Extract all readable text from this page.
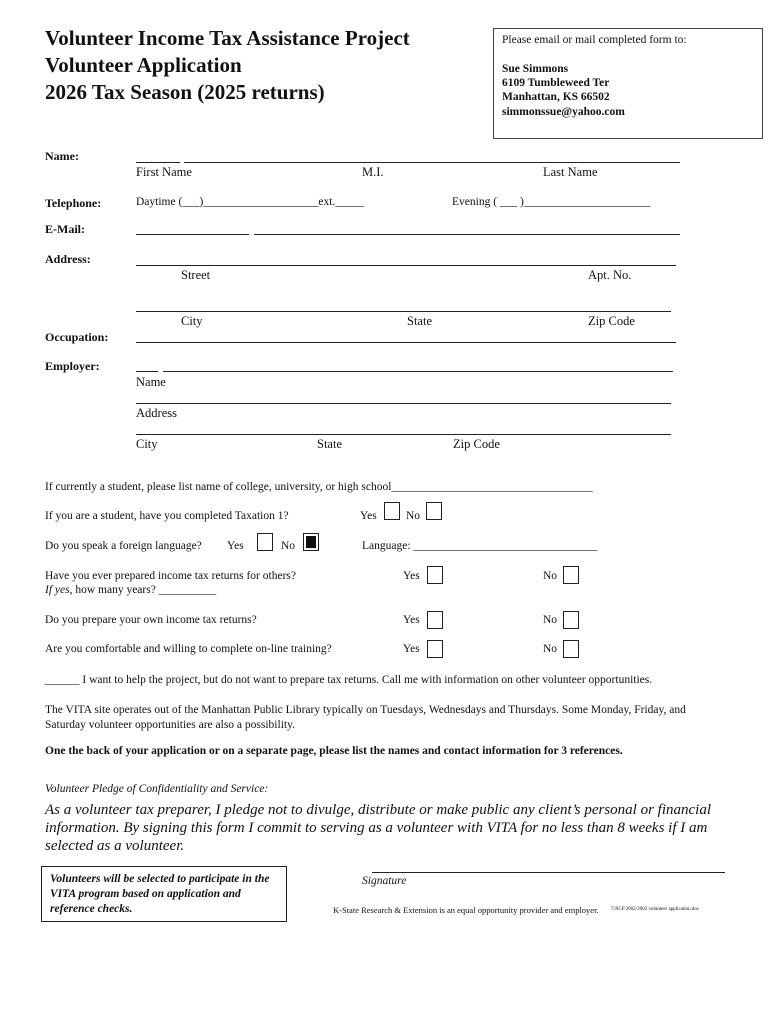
Volunteer Income Tax Assistance Project
Volunteer Application
2026 Tax Season (2025 returns)
Please email or mail completed form to:
Sue Simmons
6109 Tumbleweed Ter
Manhattan, KS 66502
simmonssue@yahoo.com
Name:
First Name	M.I.	Last Name
Telephone:	Daytime (___)____________________ext._____	Evening ( ___ )______________________
E-Mail:
Address:
Street	Apt. No.
City	State	Zip Code
Occupation:
Employer:
Name
Address
City	State	Zip Code
If currently a student, please list name of college, university, or high school___________________________________
If you are a student, have you completed Taxation 1?	Yes	No
Do you speak a foreign language? Yes	No	Language: ________________________________
Have you ever prepared income tax returns for others?
If yes, how many years? __________
Yes	No
Do you prepare your own income tax returns?	Yes	No
Are you comfortable and willing to complete on-line training?	Yes	No
______ I want to help the project, but do not want to prepare tax returns. Call me with information on other volunteer opportunities.
The VITA site operates out of the Manhattan Public Library typically on Tuesdays, Wednesdays and Thursdays. Some Monday, Friday, and Saturday volunteer opportunities are also a possibility.
One the back of your application or on a separate page, please list the names and contact information for 3 references.
Volunteer Pledge of Confidentiality and Service:
As a volunteer tax preparer, I pledge not to divulge, distribute or make public any client’s personal or financial information. By signing this form I commit to serving as a volunteer with VITA for no less than 8 weeks if I am selected as a volunteer.
Volunteers will be selected to participate in the VITA program based on application and reference checks.
Signature
K-State Research & Extension is an equal opportunity provider and employer. 7/JICP 2002/2002 volunteer application.doc
